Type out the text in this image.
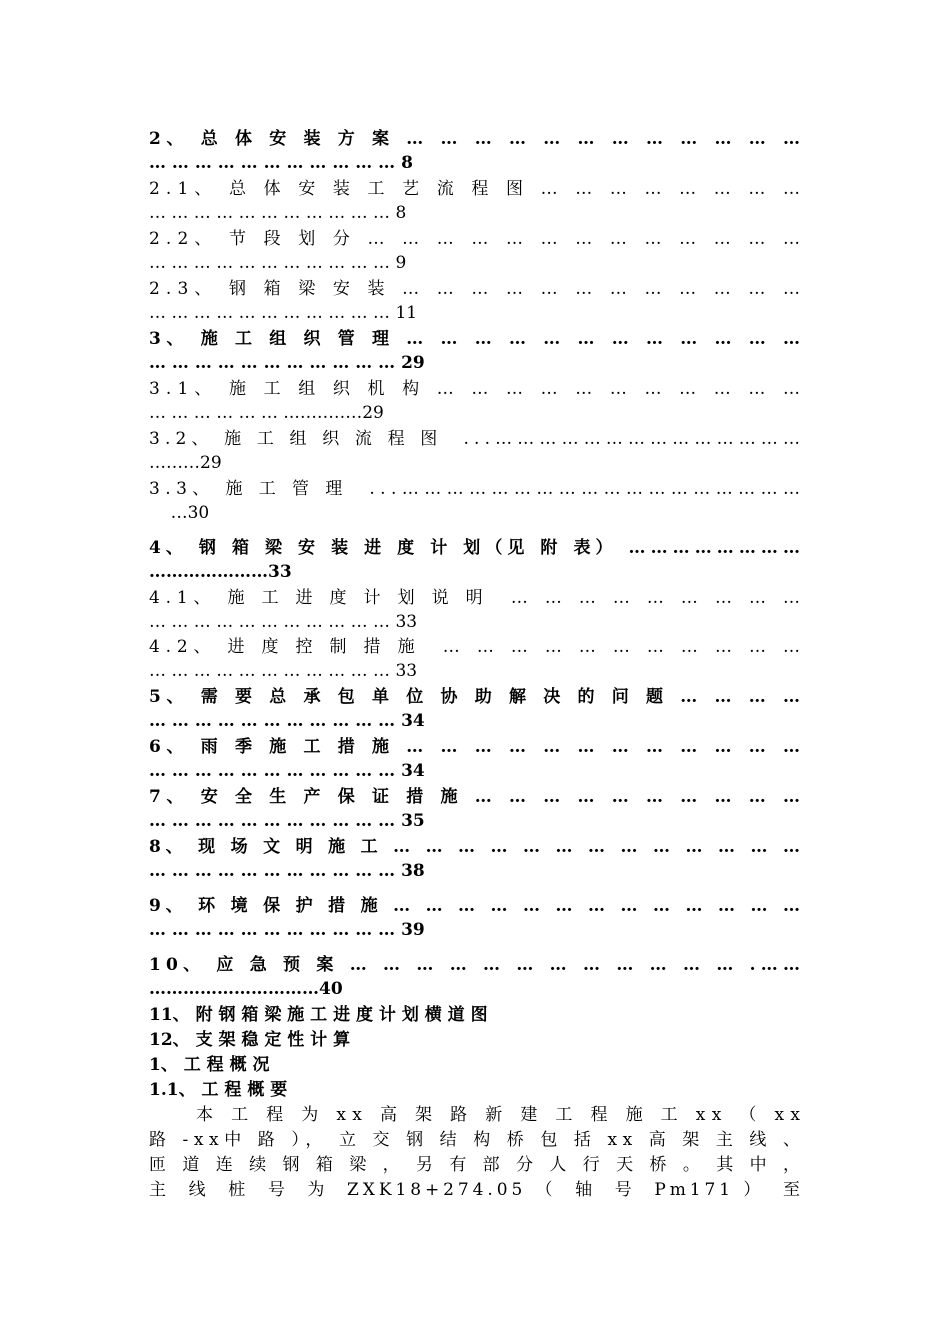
2、 总 体 安 装 方 案 … … … … … … … … … … … …
… … … … … … … … … … … 8
2.1、 总 体 安 装 工 艺 流 程 图 … … … … … … … …
… … … … … … … … … … … 8
2.2、 节 段 划 分 … … … … … … … … … … … … …
… … … … … … … … … … … 9
2.3、 钢 箱 梁 安 装 … … … … … … … … … … … …
… … … … … … … … … … … 11
3、 施 工 组 织 管 理 … … … … … … … … … … … …
… … … … … … … … … … … 29
3.1、 施 工 组 织 机 构 … … … … … … … … … … …
… … … … … … ..…………29
3.2、 施 工 组 织 流 程 图  ...……………………………………
………29
3.3、 施 工 管 理  ...………………………………………………
…30
4、 钢 箱 梁 安 装 进 度 计 划（见 附 表） ……………………
…………………33
4.1、 施 工 进 度 计 划 说 明  … … … … … … … … …
… … … … … … … … … … … 33
4.2、 进 度 控 制 措 施  … … … … … … … … … … …
… … … … … … … … … … … 33
5、 需 要 总 承 包 单 位 协 助 解 决 的 问 题 … … … …
… … … … … … … … … … … 34
6、 雨 季 施 工 措 施 … … … … … … … … … … … …
… … … … … … … … … … … 34
7、 安 全 生 产 保 证 措 施 … … … … … … … … … …
… … … … … … … … … … … 35
8、 现 场 文 明 施 工 … … … … … … … … … … … … …
… … … … … … … … … … … 38
9、 环 境 保 护 措 施 … … … … … … … … … … … … …
… … … … … … … … … … … 39
10、 应 急 预 案 … … … … … … … … … … … … .……
…………………………40
11、 附 钢 箱 梁 施 工 进 度 计 划 横 道 图
12、 支 架 稳 定 性 计 算
1、 工 程 概 况
1.1、 工 程 概 要
本 工 程 为 xx 高 架 路 新 建 工 程 施 工 xx （ xx
路 -xx中 路 ）， 立 交 钢 结 构 桥 包 括 xx 高 架 主 线 、
匝 道 连 续 钢 箱 梁 ， 另 有 部 分 人 行 天 桥 。 其 中 ，
主  线  桩  号  为  ZXK18+274.05 （  轴  号  Pm171 ）  至
